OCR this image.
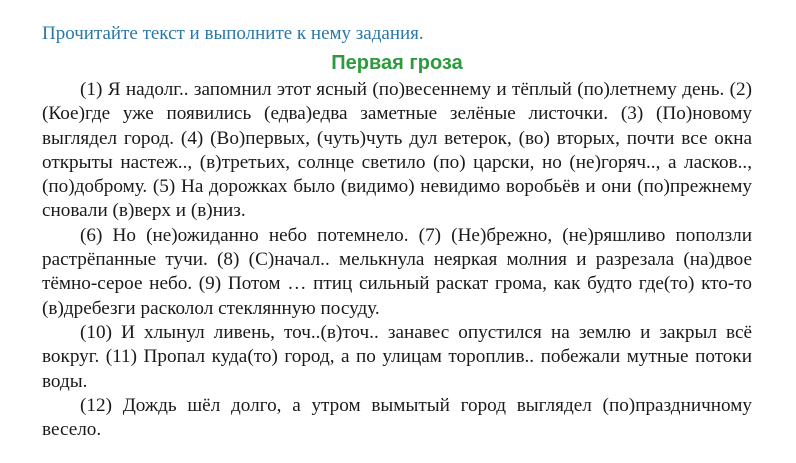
Прочитайте текст и выполните к нему задания.

Первая гроза

(1) Я надолг.. запомнил этот ясный (по)весеннему и тёплый (по)летнему день. (2) (Кое)где уже появились (едва)едва заметные зелёные листочки. (3) (По)новому выглядел город. (4) (Во)первых, (чуть)чуть дул ветерок, (во) вторых, почти все окна открыты настеж.., (в)третьих, солнце светило (по) царски, но (не)горяч.., а ласков.., (по)доброму. (5) На дорожках было (видимо) невидимо воробьёв и они (по)прежнему сновали (в)верх и (в)низ.

(6) Но (не)ожиданно небо потемнело. (7) (Не)брежно, (не)ряшливо поползли растрёпанные тучи. (8) (С)начал.. мелькнула неяркая молния и разрезала (на)двое тёмно-серое небо. (9) Потом … птиц сильный раскат грома, как будто где(то) кто-то (в)дребезги расколол стеклянную посуду.

(10) И хлынул ливень, точ..(в)точ.. занавес опустился на землю и закрыл всё вокруг. (11) Пропал куда(то) город, а по улицам тороплив.. побежали мутные потоки воды.

(12) Дождь шёл долго, а утром вымытый город выглядел (по)праздничному весело.
